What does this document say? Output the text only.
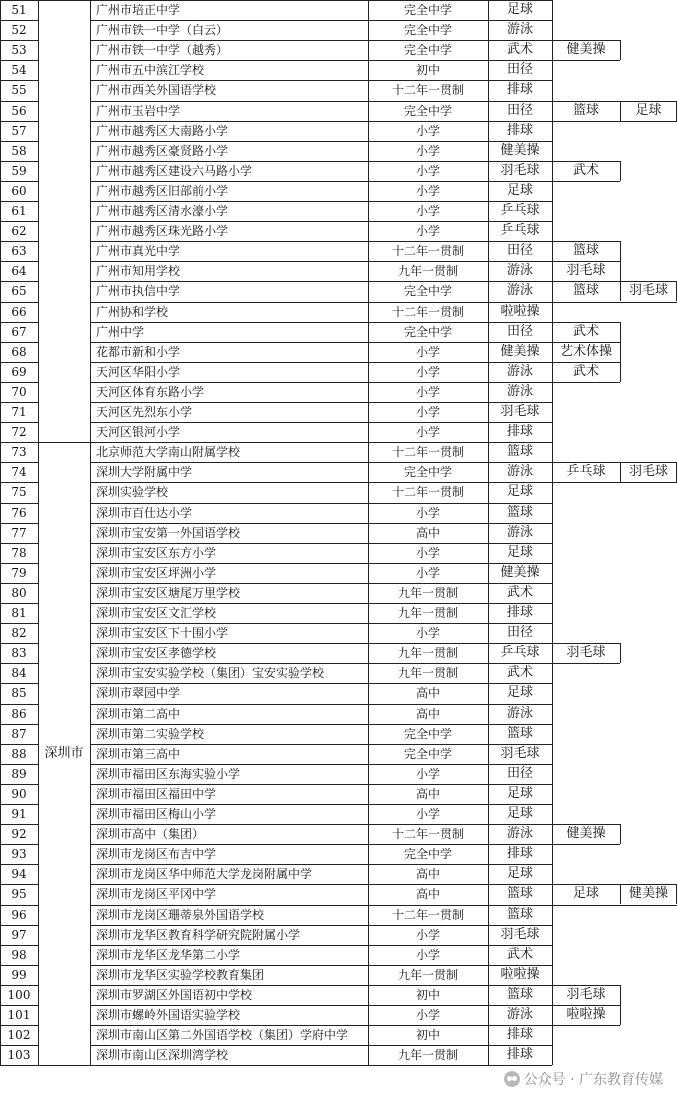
51	广州市培正中学	完全中学	足球
52	广州市铁一中学（白云）	完全中学	游泳
53	广州市铁一中学（越秀）	完全中学	武术	健美操
54	广州市五中滨江学校	初中	田径
55	广州市西关外国语学校	十二年一贯制	排球
56	广州市玉岩中学	完全中学	田径	篮球	足球
57	广州市越秀区大南路小学	小学	排球
58	广州市越秀区豪贤路小学	小学	健美操
59	广州市越秀区建设六马路小学	小学	羽毛球	武术
60	广州市越秀区旧部前小学	小学	足球
61	广州市越秀区清水濠小学	小学	乒乓球
62	广州市越秀区珠光路小学	小学	乒乓球
63	广州市真光中学	十二年一贯制	田径	篮球
64	广州市知用学校	九年一贯制	游泳	羽毛球
65	广州市执信中学	完全中学	游泳	篮球	羽毛球
66	广州协和学校	十二年一贯制	啦啦操
67	广州中学	完全中学	田径	武术
68	花都市新和小学	小学	健美操	艺术体操
69	天河区华阳小学	小学	游泳	武术
70	天河区体育东路小学	小学	游泳
71	天河区先烈东小学	小学	羽毛球
72	天河区银河小学	小学	排球
73	北京师范大学南山附属学校	十二年一贯制	篮球
74	深圳大学附属中学	完全中学	游泳	乒乓球	羽毛球
75	深圳实验学校	十二年一贯制	足球
76	深圳市百仕达小学	小学	篮球
77	深圳市宝安第一外国语学校	高中	游泳
78	深圳市宝安区东方小学	小学	足球
79	深圳市宝安区坪洲小学	小学	健美操
80	深圳市宝安区塘尾万里学校	九年一贯制	武术
81	深圳市宝安区文汇学校	九年一贯制	排球
82	深圳市宝安区下十围小学	小学	田径
83	深圳市宝安区孝德学校	九年一贯制	乒乓球	羽毛球
84	深圳市宝安实验学校（集团）宝安实验学校	九年一贯制	武术
85	深圳市翠园中学	高中	足球
86	深圳市第二高中	高中	游泳
87	深圳市第二实验学校	完全中学	篮球
88	深圳市第三高中	完全中学	羽毛球
89	深圳市福田区东海实验小学	小学	田径
90	深圳市福田区福田中学	高中	足球
91	深圳市福田区梅山小学	小学	足球
92	深圳市高中（集团）	十二年一贯制	游泳	健美操
93	深圳市龙岗区布吉中学	完全中学	排球
94	深圳市龙岗区华中师范大学龙岗附属中学	高中	足球
95	深圳市龙岗区平冈中学	高中	篮球	足球	健美操
96	深圳市龙岗区珊蒂泉外国语学校	十二年一贯制	篮球
97	深圳市龙华区教育科学研究院附属小学	小学	羽毛球
98	深圳市龙华区龙华第二小学	小学	武术
99	深圳市龙华区实验学校教育集团	九年一贯制	啦啦操
100	深圳市罗湖区外国语初中学校	初中	篮球	羽毛球
101	深圳市螺岭外国语实验学校	小学	游泳	啦啦操
102	深圳市南山区第二外国语学校（集团）学府中学	初中	排球
103	深圳市南山区深圳湾学校	九年一贯制	排球
深圳市
公众号 · 广东教育传媒
